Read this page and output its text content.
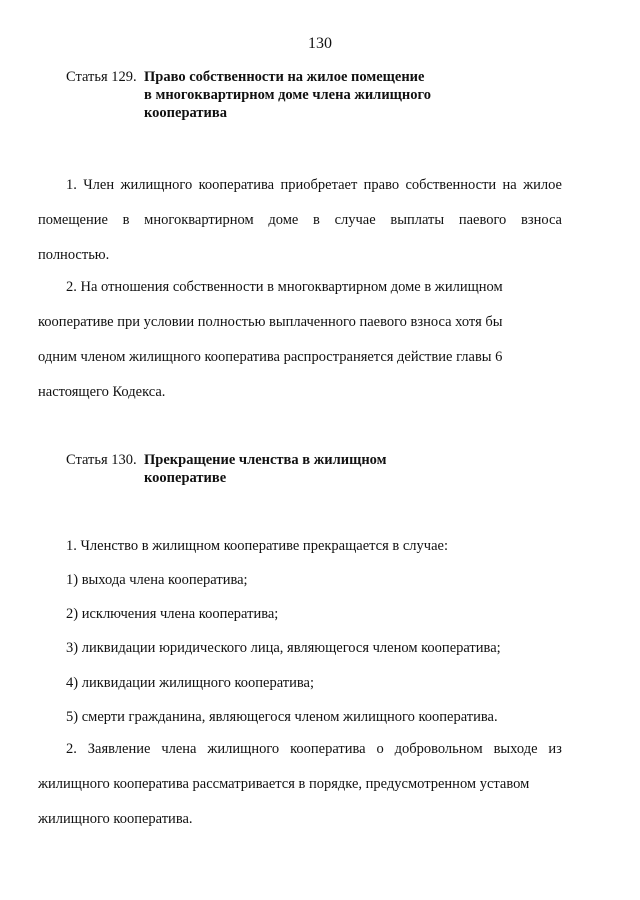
130
Статья 129. Право собственности на жилое помещение
в многоквартирном доме члена жилищного
кооператива
1. Член жилищного кооператива приобретает право собственности на жилое
помещение в многоквартирном доме в случае выплаты паевого взноса
полностью.
2. На отношения собственности в многоквартирном доме в жилищном
кооперативе при условии полностью выплаченного паевого взноса хотя бы
одним членом жилищного кооператива распространяется действие главы 6
настоящего Кодекса.
Статья 130. Прекращение членства в жилищном
кооперативе
1. Членство в жилищном кооперативе прекращается в случае:
1) выхода члена кооператива;
2) исключения члена кооператива;
3) ликвидации юридического лица, являющегося членом кооператива;
4) ликвидации жилищного кооператива;
5) смерти гражданина, являющегося членом жилищного кооператива.
2. Заявление члена жилищного кооператива о добровольном выходе из
жилищного кооператива рассматривается в порядке, предусмотренном уставом
жилищного кооператива.
